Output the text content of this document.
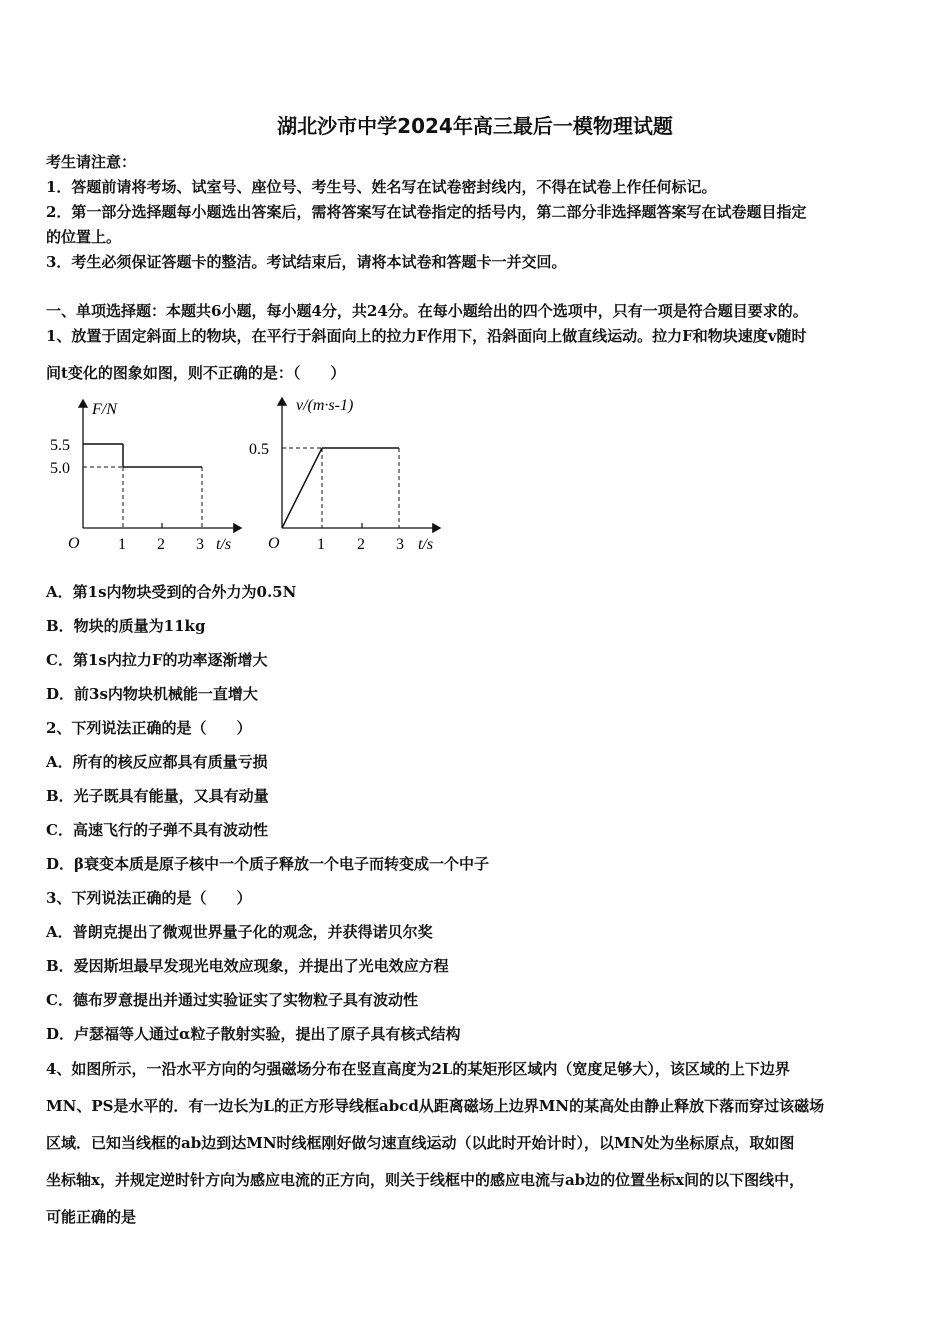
湖北沙市中学2024年高三最后一模物理试题
考生请注意：
1．答题前请将考场、试室号、座位号、考生号、姓名写在试卷密封线内，不得在试卷上作任何标记。
2．第一部分选择题每小题选出答案后，需将答案写在试卷指定的括号内，第二部分非选择题答案写在试卷题目指定
的位置上。
3．考生必须保证答题卡的整洁。考试结束后，请将本试卷和答题卡一并交回。
一、单项选择题：本题共6小题，每小题4分，共24分。在每小题给出的四个选项中，只有一项是符合题目要求的。
1、放置于固定斜面上的物块，在平行于斜面向上的拉力F作用下，沿斜面向上做直线运动。拉力F和物块速度v随时
间t变化的图象如图，则不正确的是：（　　）
F/N
O
5.5
5.0
1 2 3 t/s
v/(m·s-1)
O
0.5
1 2 3 t/s
A．第1s内物块受到的合外力为0.5N
B．物块的质量为11kg
C．第1s内拉力F的功率逐渐增大
D．前3s内物块机械能一直增大
2、下列说法正确的是（　　）
A．所有的核反应都具有质量亏损
B．光子既具有能量，又具有动量
C．高速飞行的子弹不具有波动性
D．β衰变本质是原子核中一个质子释放一个电子而转变成一个中子
3、下列说法正确的是（　　）
A．普朗克提出了微观世界量子化的观念，并获得诺贝尔奖
B．爱因斯坦最早发现光电效应现象，并提出了光电效应方程
C．德布罗意提出并通过实验证实了实物粒子具有波动性
D．卢瑟福等人通过α粒子散射实验，提出了原子具有核式结构
4、如图所示，一沿水平方向的匀强磁场分布在竖直高度为2L的某矩形区域内（宽度足够大），该区域的上下边界
MN、PS是水平的．有一边长为L的正方形导线框abcd从距离磁场上边界MN的某高处由静止释放下落而穿过该磁场
区域．已知当线框的ab边到达MN时线框刚好做匀速直线运动（以此时开始计时），以MN处为坐标原点，取如图
坐标轴x，并规定逆时针方向为感应电流的正方向，则关于线框中的感应电流与ab边的位置坐标x间的以下图线中，
可能正确的是
